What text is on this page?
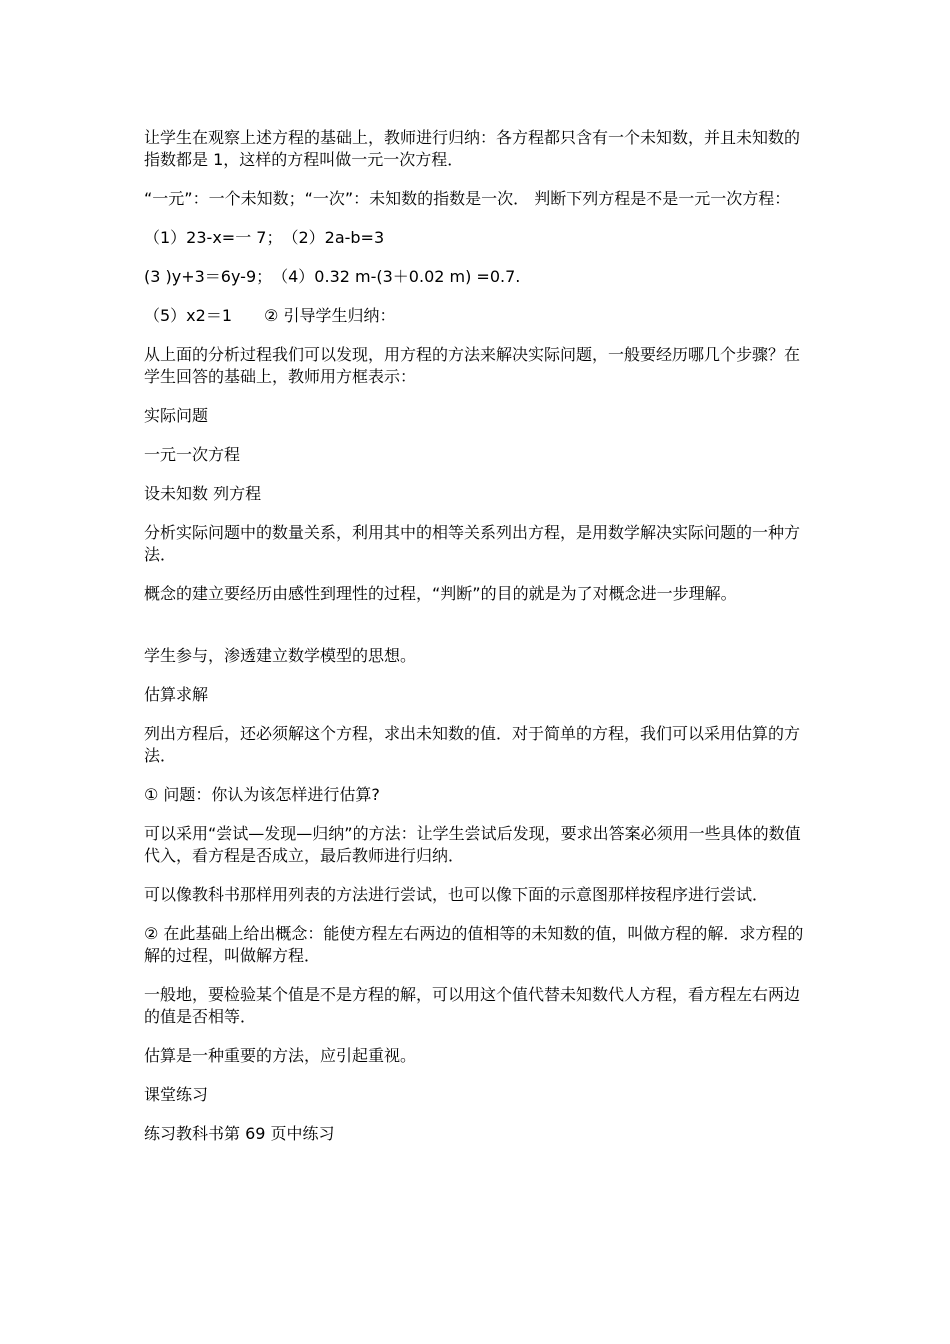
让学生在观察上述方程的基础上，教师进行归纳：各方程都只含有一个未知数，并且未知数的指数都是 1，这样的方程叫做一元一次方程．

“一元”：一个未知数；“一次”：未知数的指数是一次． 判断下列方程是不是一元一次方程：

（1）23-x=一 7；　（2）2a-b=3

(3 )y+3＝6y-9；　（4）0.32 m-(3＋0.02 m) =0.7.

（5）x2＝1　　② 引导学生归纳：

从上面的分析过程我们可以发现，用方程的方法来解决实际问题，一般要经历哪几个步骤？在学生回答的基础上，教师用方框表示：

实际问题

一元一次方程

设未知数 列方程

分析实际问题中的数量关系，利用其中的相等关系列出方程，是用数学解决实际问题的一种方法．

概念的建立要经历由感性到理性的过程，“判断”的目的就是为了对概念进一步理解。

学生参与，渗透建立数学模型的思想。

估算求解

列出方程后，还必须解这个方程，求出未知数的值．对于简单的方程，我们可以采用估算的方法．

① 问题：你认为该怎样进行估算?

可以采用“尝试—发现—归纳”的方法：让学生尝试后发现，要求出答案必须用一些具体的数值代入，看方程是否成立，最后教师进行归纳．

可以像教科书那样用列表的方法进行尝试，也可以像下面的示意图那样按程序进行尝试．

② 在此基础上给出概念：能使方程左右两边的值相等的未知数的值，叫做方程的解．求方程的解的过程，叫做解方程．

一般地，要检验某个值是不是方程的解，可以用这个值代替未知数代人方程，看方程左右两边的值是否相等．

估算是一种重要的方法，应引起重视。

课堂练习

练习教科书第 69 页中练习
